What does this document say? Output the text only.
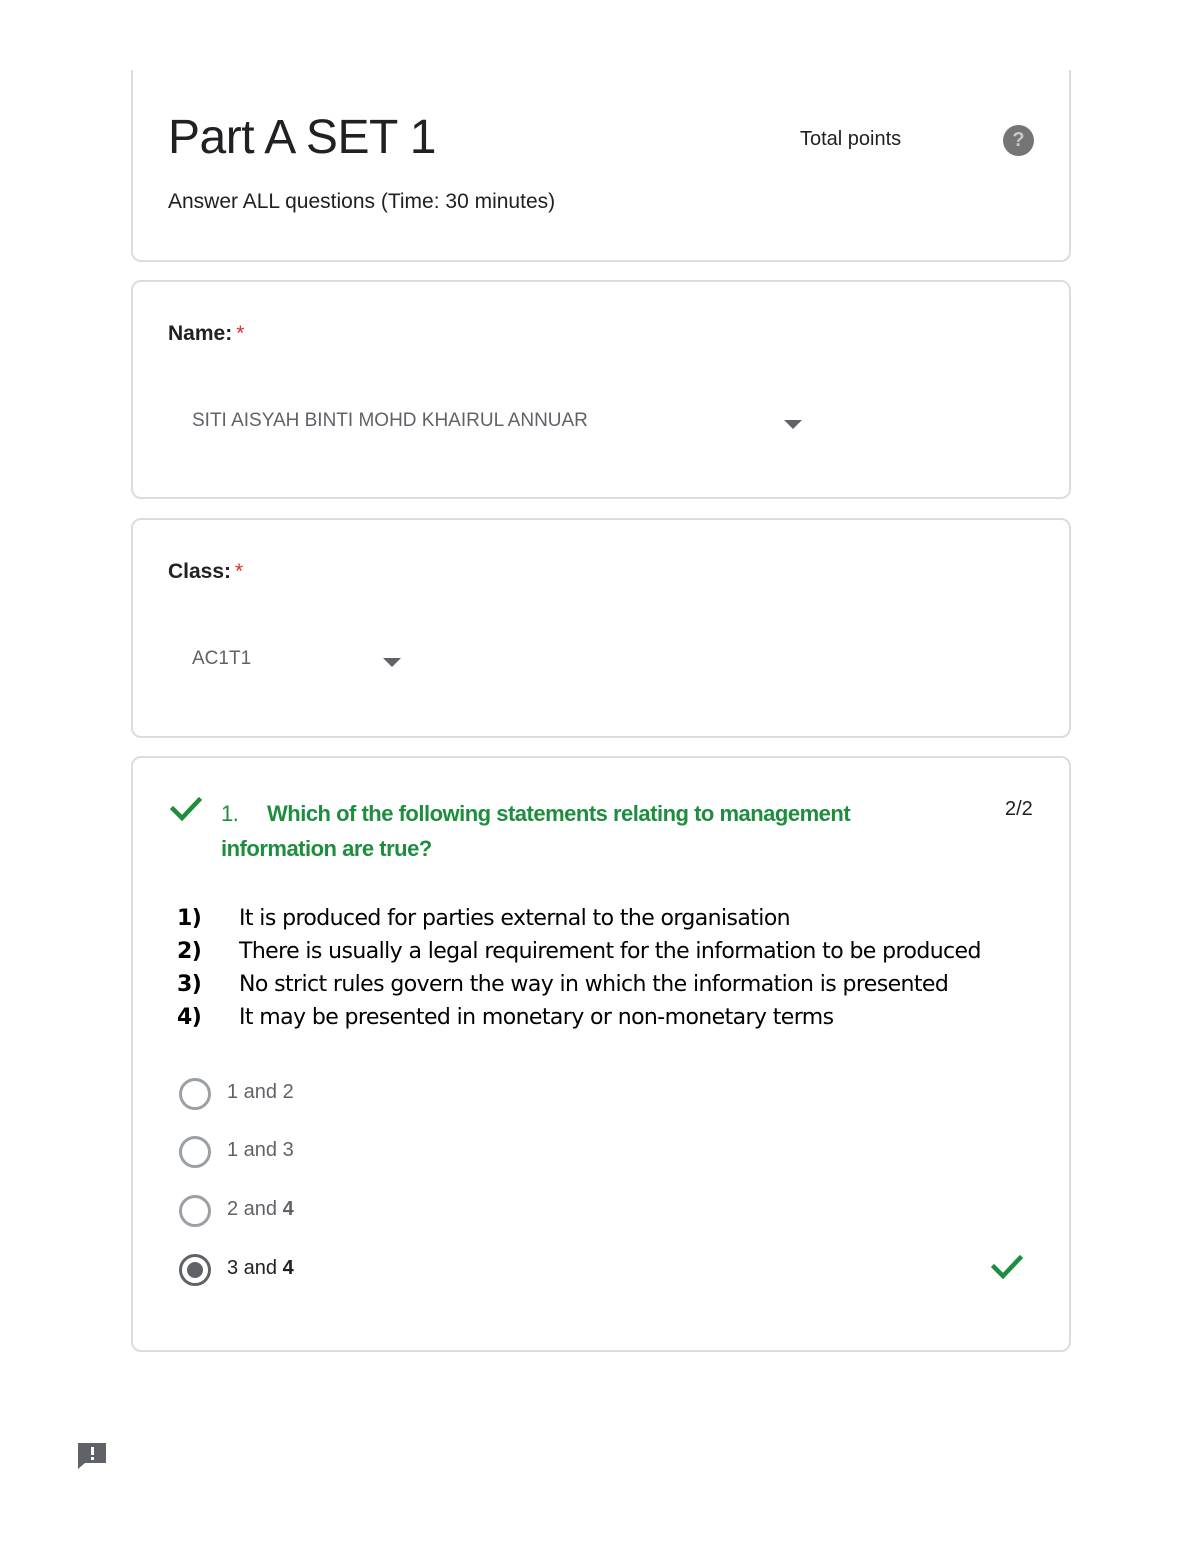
Part A SET 1
Answer ALL questions (Time: 30 minutes)
Total points	?
Name: *
SITI AISYAH BINTI MOHD KHAIRUL ANNUAR
Class: *
AC1T1
1. Which of the following statements relating to management information are true?
2/2
1) It is produced for parties external to the organisation
2) There is usually a legal requirement for the information to be produced
3) No strict rules govern the way in which the information is presented
4) It may be presented in monetary or non-monetary terms
1 and 2
1 and 3
2 and 4
3 and 4
